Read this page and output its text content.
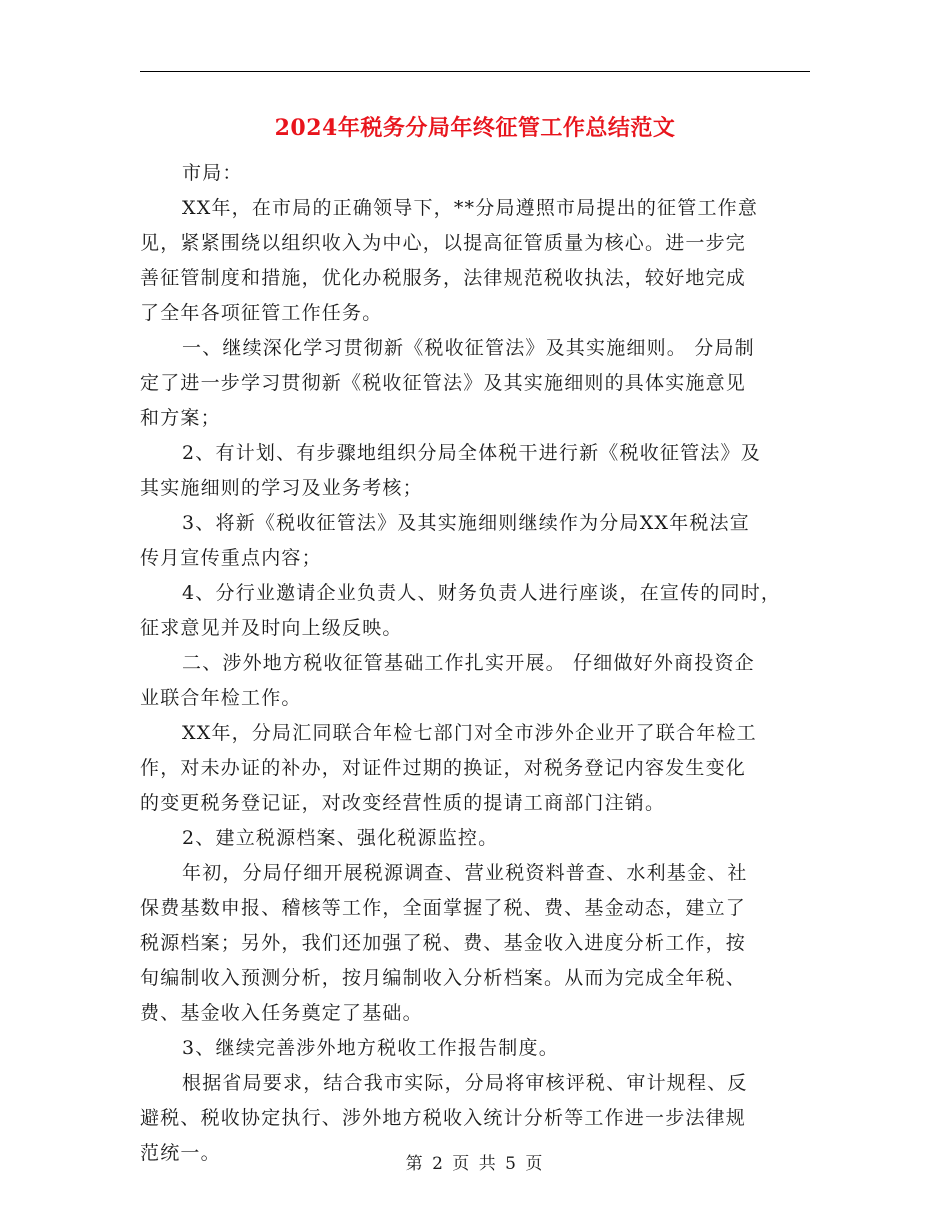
2024年税务分局年终征管工作总结范文
市局：
XX年，在市局的正确领导下，**分局遵照市局提出的征管工作意
见，紧紧围绕以组织收入为中心，以提高征管质量为核心。进一步完
善征管制度和措施，优化办税服务，法律规范税收执法，较好地完成
了全年各项征管工作任务。
一、继续深化学习贯彻新《税收征管法》及其实施细则。 分局制
定了进一步学习贯彻新《税收征管法》及其实施细则的具体实施意见
和方案；
2、有计划、有步骤地组织分局全体税干进行新《税收征管法》及
其实施细则的学习及业务考核；
3、将新《税收征管法》及其实施细则继续作为分局XX年税法宣
传月宣传重点内容；
4、分行业邀请企业负责人、财务负责人进行座谈，在宣传的同时，
征求意见并及时向上级反映。
二、涉外地方税收征管基础工作扎实开展。 仔细做好外商投资企
业联合年检工作。
XX年，分局汇同联合年检七部门对全市涉外企业开了联合年检工
作，对未办证的补办，对证件过期的换证，对税务登记内容发生变化
的变更税务登记证，对改变经营性质的提请工商部门注销。
2、建立税源档案、强化税源监控。
年初，分局仔细开展税源调查、营业税资料普查、水利基金、社
保费基数申报、稽核等工作，全面掌握了税、费、基金动态，建立了
税源档案；另外，我们还加强了税、费、基金收入进度分析工作，按
旬编制收入预测分析，按月编制收入分析档案。从而为完成全年税、
费、基金收入任务奠定了基础。
3、继续完善涉外地方税收工作报告制度。
根据省局要求，结合我市实际，分局将审核评税、审计规程、反
避税、税收协定执行、涉外地方税收入统计分析等工作进一步法律规
范统一。	第 2 页 共 5 页
